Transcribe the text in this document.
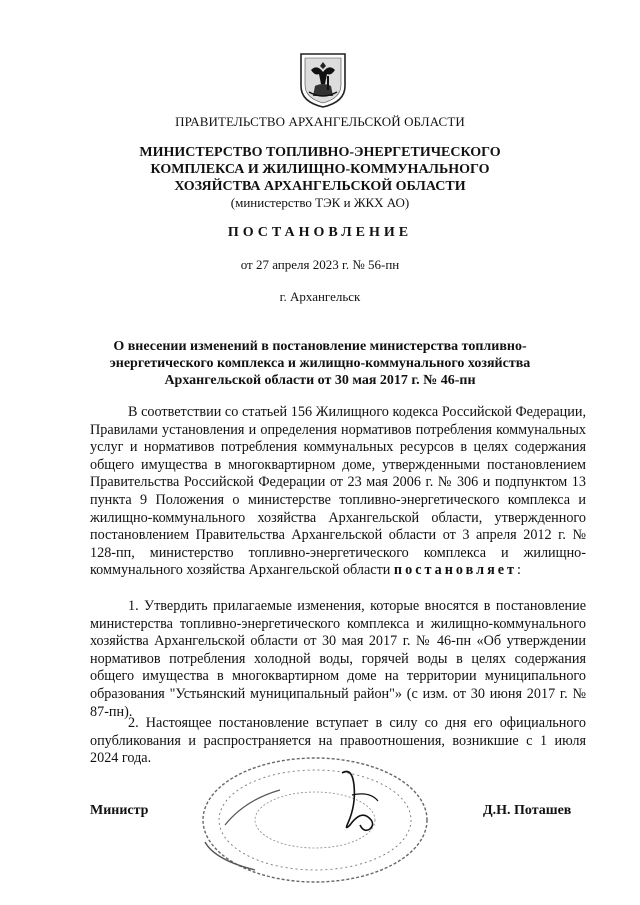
ПРАВИТЕЛЬСТВО АРХАНГЕЛЬСКОЙ ОБЛАСТИ
МИНИСТЕРСТВО ТОПЛИВНО-ЭНЕРГЕТИЧЕСКОГО
КОМПЛЕКСА И ЖИЛИЩНО-КОММУНАЛЬНОГО
ХОЗЯЙСТВА АРХАНГЕЛЬСКОЙ ОБЛАСТИ
(министерство ТЭК и ЖКХ АО)
ПОСТАНОВЛЕНИЕ
от 27 апреля 2023 г. № 56-пн
г. Архангельск
О внесении изменений в постановление министерства топливно-
энергетического комплекса и жилищно-коммунального хозяйства
Архангельской области от 30 мая 2017 г. № 46-пн
В соответствии со статьей 156 Жилищного кодекса Российской Федерации, Правилами установления и определения нормативов потребления коммунальных услуг и нормативов потребления коммунальных ресурсов в целях содержания общего имущества в многоквартирном доме, утвержденными постановлением Правительства Российской Федерации от 23 мая 2006 г. № 306 и подпунктом 13 пункта 9 Положения о министерстве топливно-энергетического комплекса и жилищно-коммунального хозяйства Архангельской области, утвержденного постановлением Правительства Архангельской области от 3 апреля 2012 г. № 128-пп, министерство топливно-энергетического комплекса и жилищно-коммунального хозяйства Архангельской области постановляет:
1. Утвердить прилагаемые изменения, которые вносятся в постановление министерства топливно-энергетического комплекса и жилищно-коммунального хозяйства Архангельской области от 30 мая 2017 г. № 46-пн «Об утверждении нормативов потребления холодной воды, горячей воды в целях содержания общего имущества в многоквартирном доме на территории муниципального образования "Устьянский муниципальный район"» (с изм. от 30 июня 2017 г. № 87-пн).
2. Настоящее постановление вступает в силу со дня его официального опубликования и распространяется на правоотношения, возникшие с 1 июля 2024 года.
Министр	Д.Н. Поташев
